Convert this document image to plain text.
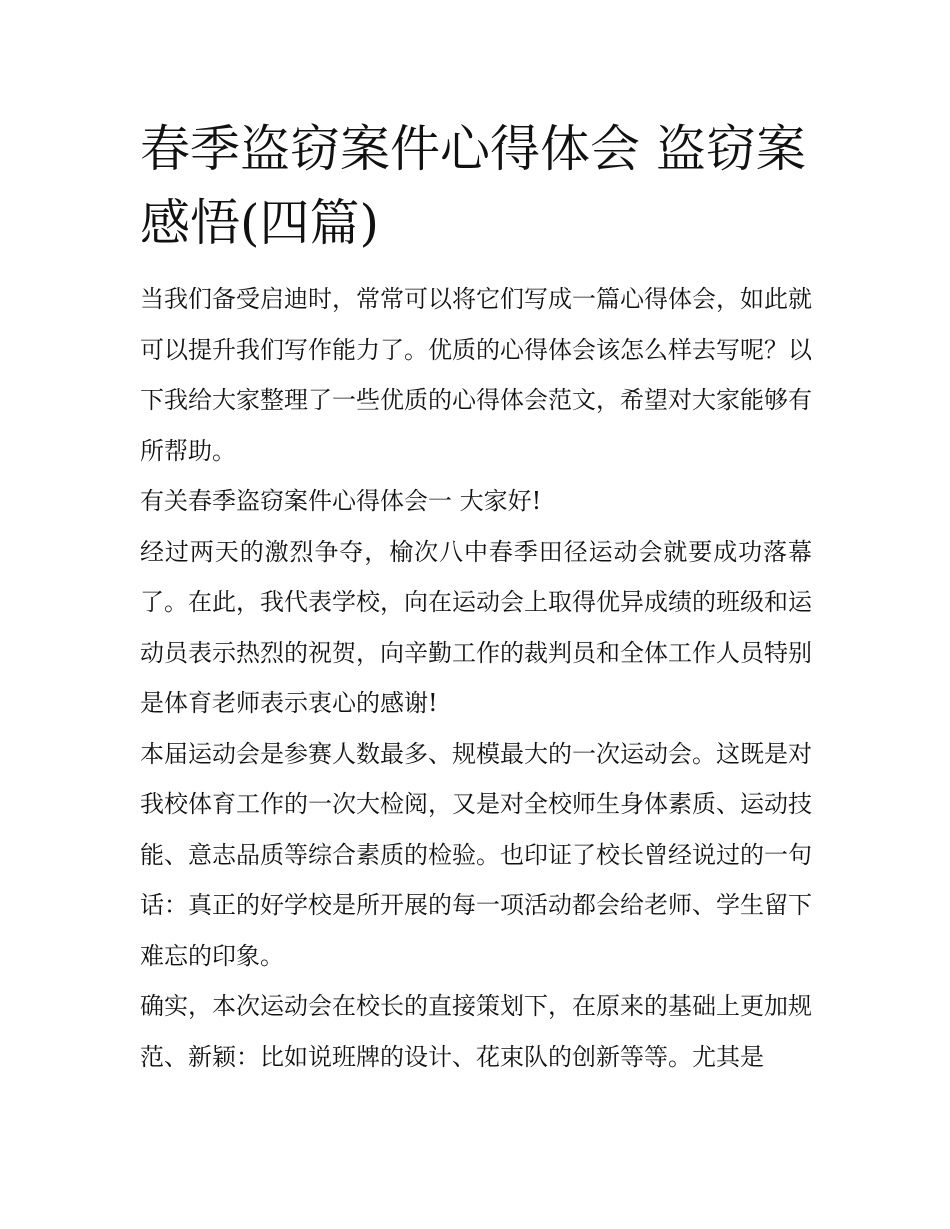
春季盗窃案件心得体会 盗窃案感悟(四篇)

当我们备受启迪时，常常可以将它们写成一篇心得体会，如此就可以提升我们写作能力了。优质的心得体会该怎么样去写呢？以下我给大家整理了一些优质的心得体会范文，希望对大家能够有所帮助。

有关春季盗窃案件心得体会一 大家好!

经过两天的激烈争夺，榆次八中春季田径运动会就要成功落幕了。在此，我代表学校，向在运动会上取得优异成绩的班级和运动员表示热烈的祝贺，向辛勤工作的裁判员和全体工作人员特别是体育老师表示衷心的感谢!

本届运动会是参赛人数最多、规模最大的一次运动会。这既是对我校体育工作的一次大检阅，又是对全校师生身体素质、运动技能、意志品质等综合素质的检验。也印证了校长曾经说过的一句话：真正的好学校是所开展的每一项活动都会给老师、学生留下难忘的印象。

确实，本次运动会在校长的直接策划下，在原来的基础上更加规范、新颖：比如说班牌的设计、花束队的创新等等。尤其是
